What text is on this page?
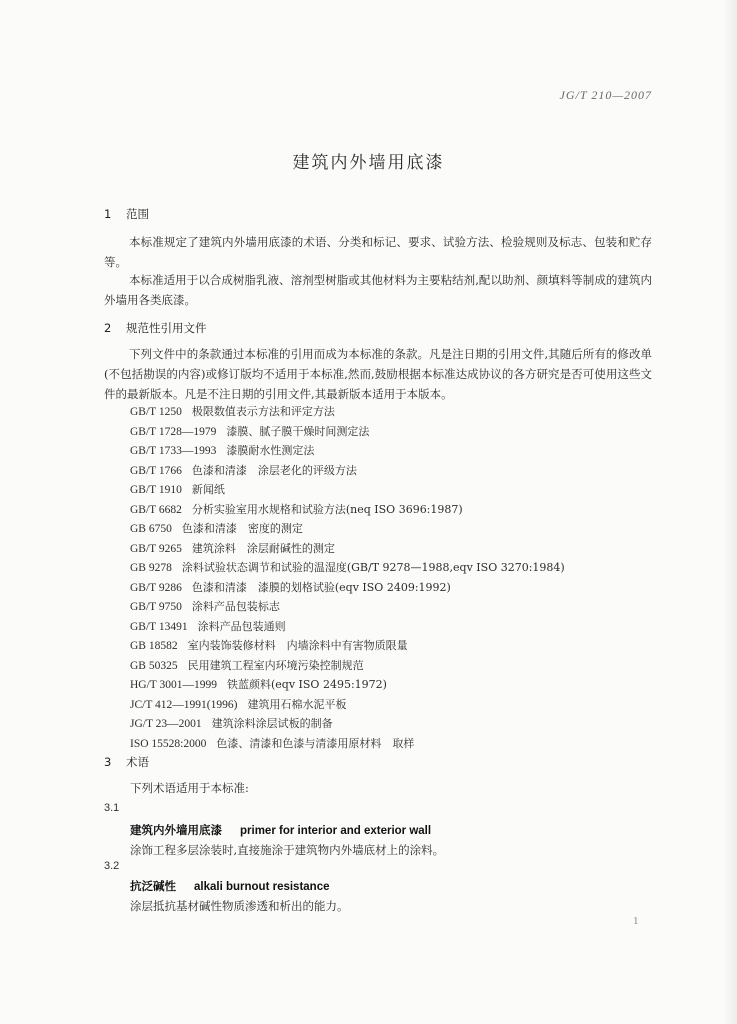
JG/T 210—2007
建筑内外墙用底漆
1 范围
本标准规定了建筑内外墙用底漆的术语、分类和标记、要求、试验方法、检验规则及标志、包装和贮存等。
本标准适用于以合成树脂乳液、溶剂型树脂或其他材料为主要粘结剂,配以助剂、颜填料等制成的建筑内外墙用各类底漆。
2 规范性引用文件
下列文件中的条款通过本标准的引用而成为本标准的条款。凡是注日期的引用文件,其随后所有的修改单(不包括勘误的内容)或修订版均不适用于本标准,然而,鼓励根据本标准达成协议的各方研究是否可使用这些文件的最新版本。凡是不注日期的引用文件,其最新版本适用于本版本。
GB/T 1250 极限数值表示方法和评定方法
GB/T 1728—1979 漆膜、腻子膜干燥时间测定法
GB/T 1733—1993 漆膜耐水性测定法
GB/T 1766 色漆和清漆　涂层老化的评级方法
GB/T 1910 新闻纸
GB/T 6682 分析实验室用水规格和试验方法(neq ISO 3696:1987)
GB 6750 色漆和清漆　密度的测定
GB/T 9265 建筑涂料　涂层耐碱性的测定
GB 9278 涂料试验状态调节和试验的温湿度(GB/T 9278—1988,eqv ISO 3270:1984)
GB/T 9286 色漆和清漆　漆膜的划格试验(eqv ISO 2409:1992)
GB/T 9750 涂料产品包装标志
GB/T 13491 涂料产品包装通则
GB 18582 室内装饰装修材料　内墙涂料中有害物质限量
GB 50325 民用建筑工程室内环境污染控制规范
HG/T 3001—1999 铁蓝颜料(eqv ISO 2495:1972)
JC/T 412—1991(1996) 建筑用石棉水泥平板
JG/T 23—2001 建筑涂料涂层试板的制备
ISO 15528:2000 色漆、清漆和色漆与清漆用原材料　取样
3 术语
下列术语适用于本标准:
3.1
建筑内外墙用底漆 primer for interior and exterior wall
涂饰工程多层涂装时,直接施涂于建筑物内外墙底材上的涂料。
3.2
抗泛碱性 alkali burnout resistance
涂层抵抗基材碱性物质渗透和析出的能力。
1
